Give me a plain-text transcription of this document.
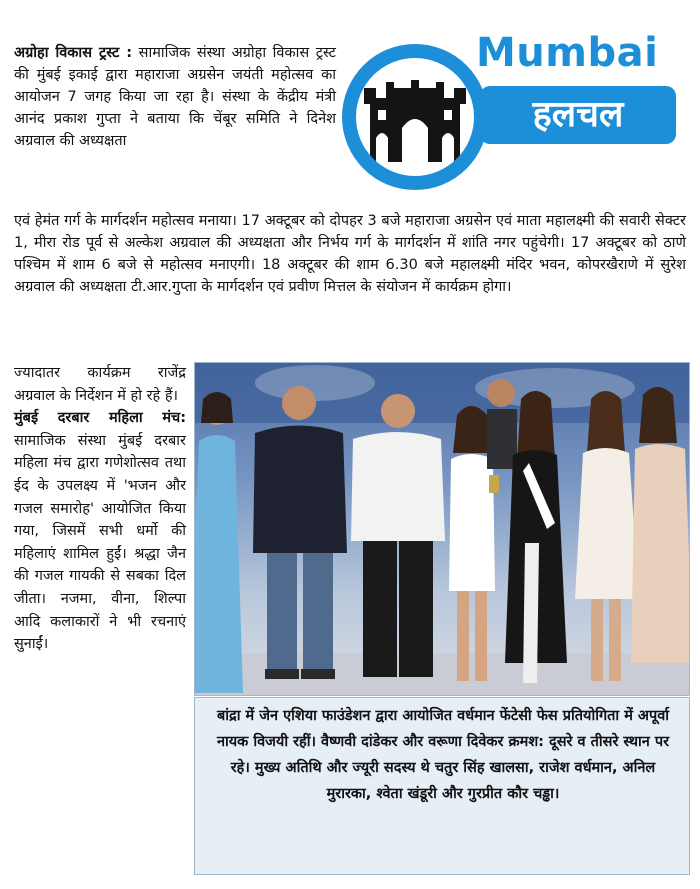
Mumbai
हलचल

अग्रोहा विकास ट्रस्ट : सामाजिक संस्था अग्रोहा विकास ट्रस्ट की मुंबई इकाई द्वारा महाराजा अग्रसेन जयंती महोत्सव का आयोजन 7 जगह किया जा रहा है। संस्था के केंद्रीय मंत्री आनंद प्रकाश गुप्ता ने बताया कि चेंबूर समिति ने दिनेश अग्रवाल की अध्यक्षता

एवं हेमंत गर्ग के मार्गदर्शन महोत्सव मनाया। 17 अक्टूबर को दोपहर 3 बजे महाराजा अग्रसेन एवं माता महालक्ष्मी की सवारी सेक्टर 1, मीरा रोड पूर्व से अल्केश अग्रवाल की अध्यक्षता और निर्भय गर्ग के मार्गदर्शन में शांति नगर पहुंचेगी। 17 अक्टूबर को ठाणे पश्चिम में शाम 6 बजे से महोत्सव मनाएगी। 18 अक्टूबर की शाम 6.30 बजे महालक्ष्मी मंदिर भवन, कोपरखैराणे में सुरेश अग्रवाल की अध्यक्षता टी.आर.गुप्ता के मार्गदर्शन एवं प्रवीण मित्तल के संयोजन में कार्यक्रम होगा।

ज्यादातर कार्यक्रम राजेंद्र अग्रवाल के निर्देशन में हो रहे हैं।
मुंबई दरबार महिला मंच: सामाजिक संस्था मुंबई दरबार महिला मंच द्वारा गणेशोत्सव तथा ईद के उपलक्ष्य में 'भजन और गजल समारोह' आयोजित किया गया, जिसमें सभी धर्मो की महिलाएं शामिल हुईं। श्रद्धा जैन की गजल गायकी से सबका दिल जीता। नजमा, वीना, शिल्पा आदि कलाकारों ने भी रचनाएं सुनाईं।

बांद्रा में जेन एशिया फाउंडेशन द्वारा आयोजित वर्धमान फेंटेसी फेस प्रतियोगिता में अपूर्वा नायक विजयी रहीं। वैष्णवी दांडेकर और वरूणा दिवेकर क्रमश: दूसरे व तीसरे स्थान पर रहे। मुख्य अतिथि और ज्यूरी सदस्य थे चतुर सिंह खालसा, राजेश वर्धमान, अनिल मुरारका, श्वेता खंडूरी और गुरप्रीत कौर चड्ढा।
